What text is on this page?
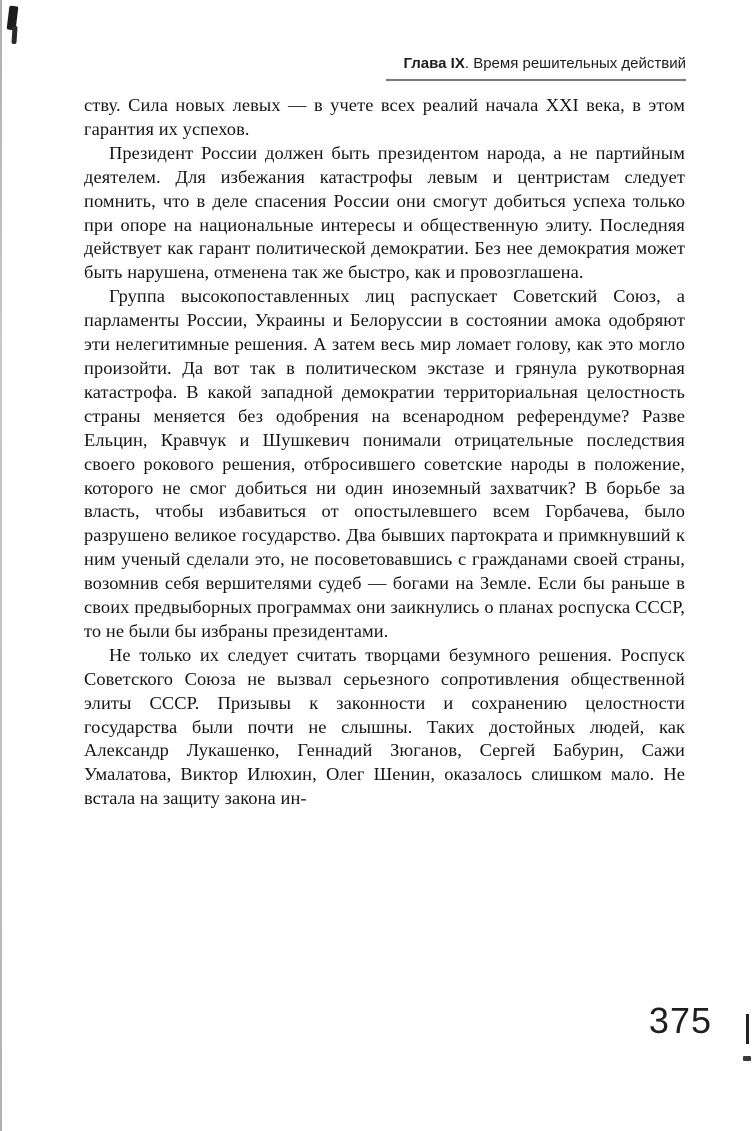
Глава IX. Время решительных действий

ству. Сила новых левых — в учете всех реалий начала XXI века, в этом гарантия их успехов.

Президент России должен быть президентом народа, а не партийным деятелем. Для избежания катастрофы левым и центристам следует помнить, что в деле спасения России они смогут добиться успеха только при опоре на национальные интересы и общественную элиту. Последняя действует как гарант политической демократии. Без нее демократия может быть нарушена, отменена так же быстро, как и провозглашена.

Группа высокопоставленных лиц распускает Советский Союз, а парламенты России, Украины и Белоруссии в состоянии амока одобряют эти нелегитимные решения. А затем весь мир ломает голову, как это могло произойти. Да вот так в политическом экстазе и грянула рукотворная катастрофа. В какой западной демократии территориальная целостность страны меняется без одобрения на всенародном референдуме? Разве Ельцин, Кравчук и Шушкевич понимали отрицательные последствия своего рокового решения, отбросившего советские народы в положение, которого не смог добиться ни один иноземный захватчик? В борьбе за власть, чтобы избавиться от опостылевшего всем Горбачева, было разрушено великое государство. Два бывших партократа и примкнувший к ним ученый сделали это, не посоветовавшись с гражданами своей страны, возомнив себя вершителями судеб — богами на Земле. Если бы раньше в своих предвыборных программах они заикнулись о планах роспуска СССР, то не были бы избраны президентами.

Не только их следует считать творцами безумного решения. Роспуск Советского Союза не вызвал серьезного сопротивления общественной элиты СССР. Призывы к законности и сохранению целостности государства были почти не слышны. Таких достойных людей, как Александр Лукашенко, Геннадий Зюганов, Сергей Бабурин, Сажи Умалатова, Виктор Илюхин, Олег Шенин, оказалось слишком мало. Не встала на защиту закона ин-

375
